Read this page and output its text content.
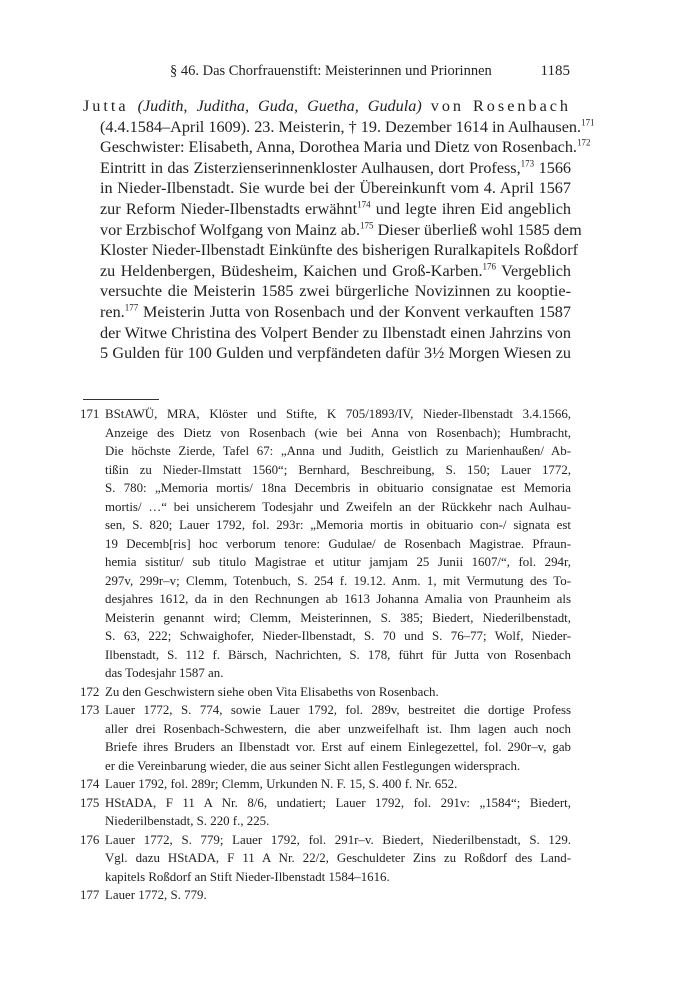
§ 46. Das Chorfrauenstift: Meisterinnen und Priorinnen	1185
Jutta (Judith, Juditha, Guda, Guetha, Gudula) von Rosenbach
(4.4.1584–April 1609). 23. Meisterin, † 19. Dezember 1614 in Aulhausen.$^{171}$
Geschwister: Elisabeth, Anna, Dorothea Maria und Dietz von Rosenbach.$^{172}$
Eintritt in das Zisterzienserinnenkloster Aulhausen, dort Profess,$^{173}$ 1566
in Nieder-Ilbenstadt. Sie wurde bei der Übereinkunft vom 4. April 1567
zur Reform Nieder-Ilbenstadts erwähnt$^{174}$ und legte ihren Eid angeblich
vor Erzbischof Wolfgang von Mainz ab.$^{175}$ Dieser überließ wohl 1585 dem
Kloster Nieder-Ilbenstadt Einkünfte des bisherigen Ruralkapitels Roßdorf
zu Heldenbergen, Büdesheim, Kaichen und Groß-Karben.$^{176}$ Vergeblich
versuchte die Meisterin 1585 zwei bürgerliche Novizinnen zu kooptie-
ren.$^{177}$ Meisterin Jutta von Rosenbach und der Konvent verkauften 1587
der Witwe Christina des Volpert Bender zu Ilbenstadt einen Jahrzins von
5 Gulden für 100 Gulden und verpfändeten dafür 3½ Morgen Wiesen zu
171 BStAWÜ, MRA, Klöster und Stifte, K 705/1893/IV, Nieder-Ilbenstadt 3.4.1566,
Anzeige des Dietz von Rosenbach (wie bei Anna von Rosenbach); Humbracht,
Die höchste Zierde, Tafel 67: „Anna und Judith, Geistlich zu Marienhaußen/ Ab-
tißin zu Nieder-Ilmstatt 1560“; Bernhard, Beschreibung, S. 150; Lauer 1772,
S. 780: „Memoria mortis/ 18na Decembris in obituario consignatae est Memoria
mortis/ …“ bei unsicherem Todesjahr und Zweifeln an der Rückkehr nach Aulhau-
sen, S. 820; Lauer 1792, fol. 293r: „Memoria mortis in obituario con-/ signata est
19 Decemb[ris] hoc verborum tenore: Gudulae/ de Rosenbach Magistrae. Pfraun-
hemia sistitur/ sub titulo Magistrae et utitur jamjam 25 Junii 1607/“, fol. 294r,
297v, 299r–v; Clemm, Totenbuch, S. 254 f. 19.12. Anm. 1, mit Vermutung des To-
desjahres 1612, da in den Rechnungen ab 1613 Johanna Amalia von Praunheim als
Meisterin genannt wird; Clemm, Meisterinnen, S. 385; Biedert, Niederilbenstadt,
S. 63, 222; Schwaighofer, Nieder-Ilbenstadt, S. 70 und S. 76–77; Wolf, Nieder-
Ilbenstadt, S. 112 f. Bärsch, Nachrichten, S. 178, führt für Jutta von Rosenbach
das Todesjahr 1587 an.
172 Zu den Geschwistern siehe oben Vita Elisabeths von Rosenbach.
173 Lauer 1772, S. 774, sowie Lauer 1792, fol. 289v, bestreitet die dortige Profess
aller drei Rosenbach-Schwestern, die aber unzweifelhaft ist. Ihm lagen auch noch
Briefe ihres Bruders an Ilbenstadt vor. Erst auf einem Einlegezettel, fol. 290r–v, gab
er die Vereinbarung wieder, die aus seiner Sicht allen Festlegungen widersprach.
174 Lauer 1792, fol. 289r; Clemm, Urkunden N. F. 15, S. 400 f. Nr. 652.
175 HStADA, F 11 A Nr. 8/6, undatiert; Lauer 1792, fol. 291v: „1584“; Biedert,
Niederilbenstadt, S. 220 f., 225.
176 Lauer 1772, S. 779; Lauer 1792, fol. 291r–v. Biedert, Niederilbenstadt, S. 129.
Vgl. dazu HStADA, F 11 A Nr. 22/2, Geschuldeter Zins zu Roßdorf des Land-
kapitels Roßdorf an Stift Nieder-Ilbenstadt 1584–1616.
177 Lauer 1772, S. 779.
